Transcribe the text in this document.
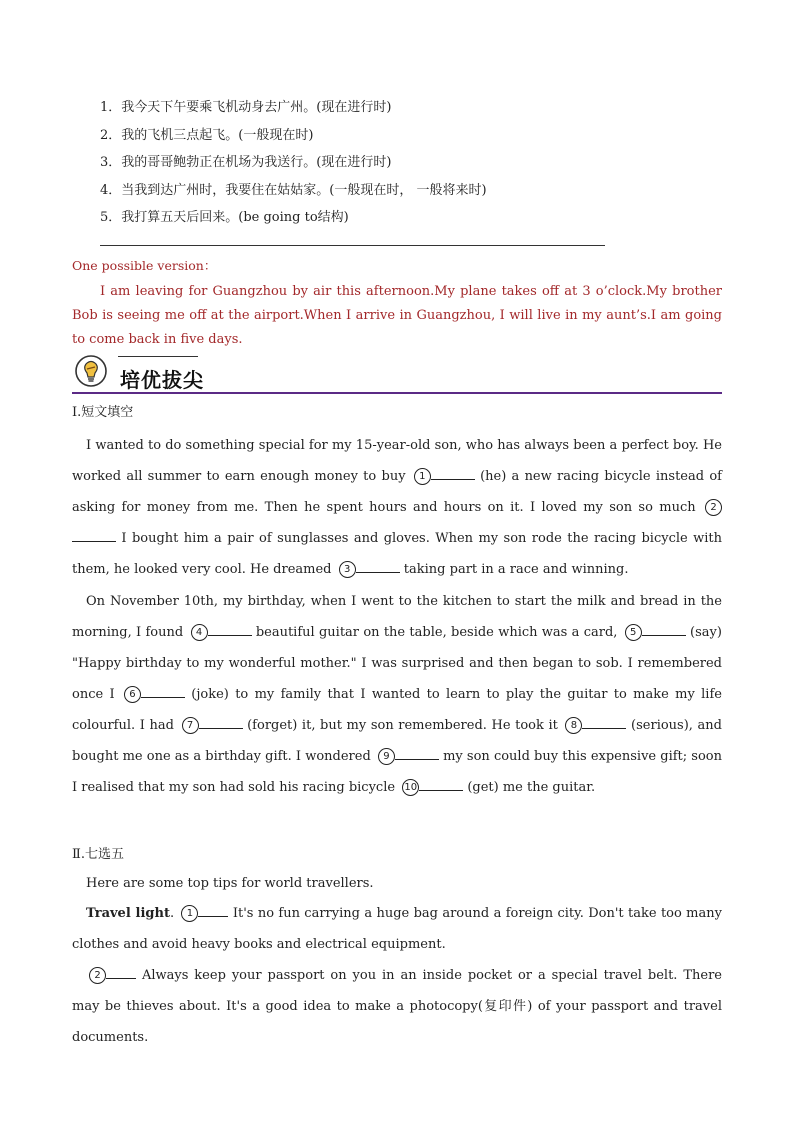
1．我今天下午要乘飞机动身去广州。(现在进行时)
2．我的飞机三点起飞。(一般现在时)
3．我的哥哥鲍勃正在机场为我送行。(现在进行时)
4．当我到达广州时，我要住在姑姑家。(一般现在时， 一般将来时)
5．我打算五天后回来。(be going to结构)
One possible version：
I am leaving for Guangzhou by air this afternoon.My plane takes off at 3 o’clock.My brother Bob is seeing me off at the airport.When I arrive in Guangzhou, I will live in my aunt’s.I am going to come back in five days.
培优拔尖
Ⅰ.短文填空
I wanted to do something special for my 15-year-old son, who has always been a perfect boy. He worked all summer to earn enough money to buy 1	(he) a new racing bicycle instead of asking for money from me. Then he spent hours and hours on it. I loved my son so much 2 I bought him a pair of sunglasses and gloves. When my son rode the racing bicycle with them, he looked very cool. He dreamed 3	taking part in a race and winning.
On November 10th, my birthday, when I went to the kitchen to start the milk and bread in the morning, I found 4	beautiful guitar on the table, beside which was a card, 5	(say) "Happy birthday to my wonderful mother." I was surprised and then began to sob. I remembered once I 6	(joke) to my family that I wanted to learn to play the guitar to make my life colourful. I had 7	(forget) it, but my son remembered. He took it 8	(serious), and bought me one as a birthday gift. I wondered 9	my son could buy this expensive gift; soon I realised that my son had sold his racing bicycle 10	(get) me the guitar.
Ⅱ.七选五
Here are some top tips for world travellers.
Travel light. 1	It's no fun carrying a huge bag around a foreign city. Don't take too many clothes and avoid heavy books and electrical equipment.
2	Always keep your passport on you in an inside pocket or a special travel belt. There may be thieves about. It's a good idea to make a photocopy(复印件) of your passport and travel documents.
